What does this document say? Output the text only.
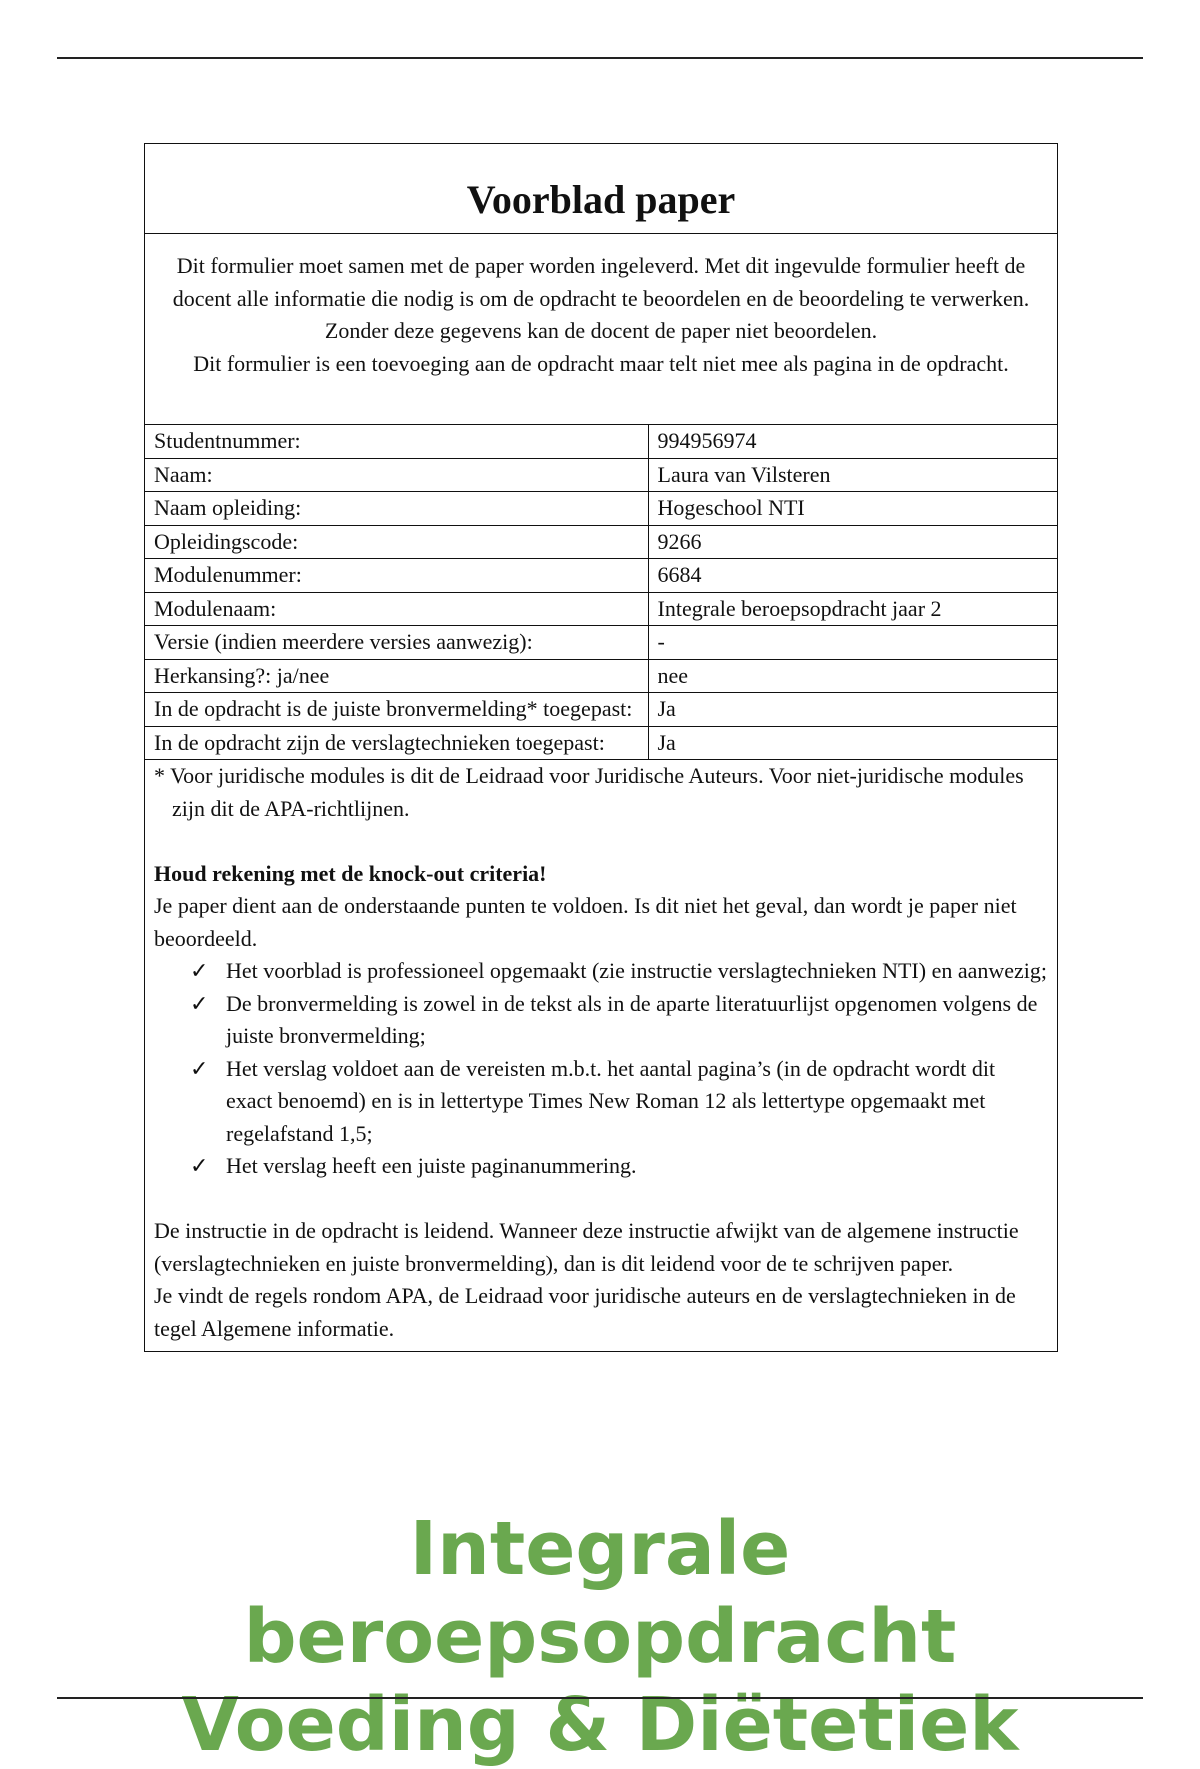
Voorblad paper

Dit formulier moet samen met de paper worden ingeleverd. Met dit ingevulde formulier heeft de docent alle informatie die nodig is om de opdracht te beoordelen en de beoordeling te verwerken. Zonder deze gegevens kan de docent de paper niet beoordelen.

Dit formulier is een toevoeging aan de opdracht maar telt niet mee als pagina in de opdracht.

Studentnummer:	994956974
Naam:	Laura van Vilsteren
Naam opleiding:	Hogeschool NTI
Opleidingscode:	9266
Modulenummer:	6684
Modulenaam:	Integrale beroepsopdracht jaar 2
Versie (indien meerdere versies aanwezig):	-
Herkansing?: ja/nee	nee
In de opdracht is de juiste bronvermelding* toegepast:	Ja
In de opdracht zijn de verslagtechnieken toegepast:	Ja

* Voor juridische modules is dit de Leidraad voor Juridische Auteurs. Voor niet-juridische modules zijn dit de APA-richtlijnen.

Houd rekening met de knock-out criteria!

Je paper dient aan de onderstaande punten te voldoen. Is dit niet het geval, dan wordt je paper niet beoordeeld.

✓ Het voorblad is professioneel opgemaakt (zie instructie verslagtechnieken NTI) en aanwezig;
✓ De bronvermelding is zowel in de tekst als in de aparte literatuurlijst opgenomen volgens de juiste bronvermelding;
✓ Het verslag voldoet aan de vereisten m.b.t. het aantal pagina’s (in de opdracht wordt dit exact benoemd) en is in lettertype Times New Roman 12 als lettertype opgemaakt met regelafstand 1,5;
✓ Het verslag heeft een juiste paginanummering.

De instructie in de opdracht is leidend. Wanneer deze instructie afwijkt van de algemene instructie (verslagtechnieken en juiste bronvermelding), dan is dit leidend voor de te schrijven paper.

Je vindt de regels rondom APA, de Leidraad voor juridische auteurs en de verslagtechnieken in de tegel Algemene informatie.

Integrale
beroepsopdracht
Voeding & Diëtetiek
